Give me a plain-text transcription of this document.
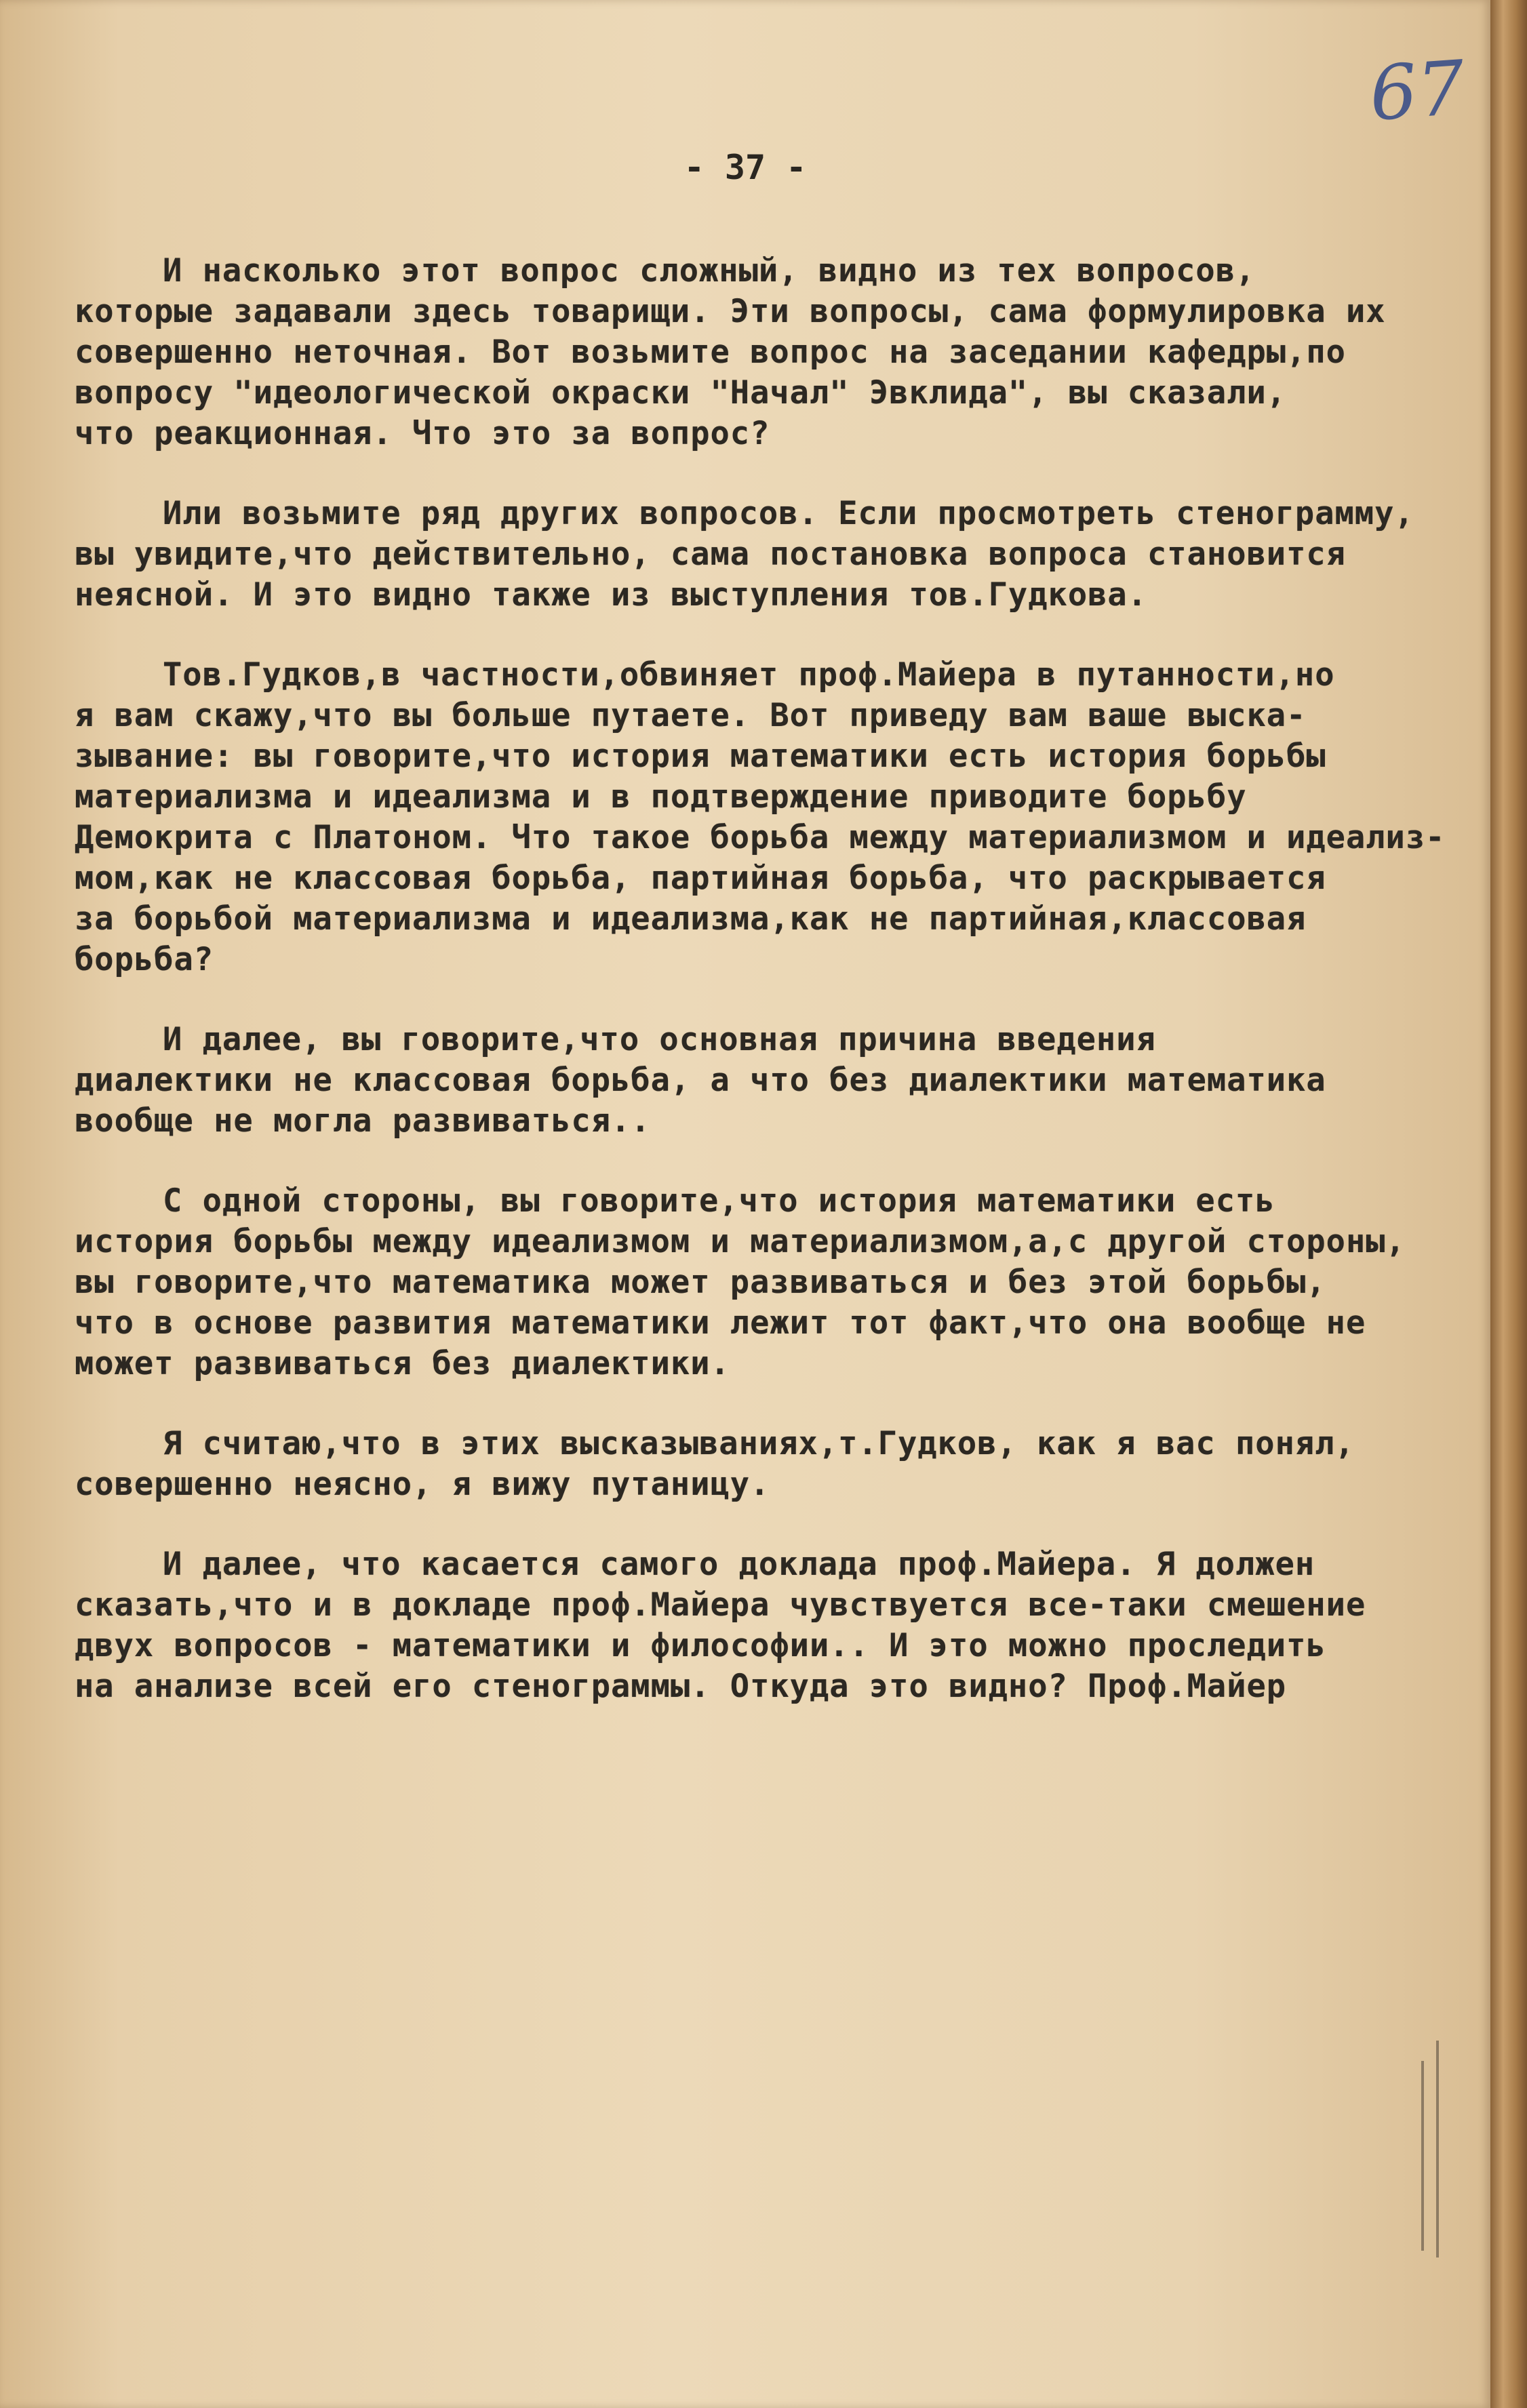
67
- 37 -
И насколько этот вопрос сложный, видно из тех вопросов,
которые задавали здесь товарищи. Эти вопросы, сама формулировка их
совершенно неточная. Вот возьмите вопрос на заседании кафедры,по
вопросу "идеологической окраски "Начал" Эвклида", вы сказали,
что реакционная. Что это за вопрос?
Или возьмите ряд других вопросов. Если просмотреть стенограмму,
вы увидите,что действительно, сама постановка вопроса становится
неясной. И это видно также из выступления тов.Гудкова.
Тов.Гудков,в частности,обвиняет проф.Майера в путанности,но
я вам скажу,что вы больше путаете. Вот приведу вам ваше выска-
зывание: вы говорите,что история математики есть история борьбы
материализма и идеализма и в подтверждение приводите борьбу
Демокрита с Платоном. Что такое борьба между материализмом и идеализ-
мом,как не классовая борьба, партийная борьба, что раскрывается
за борьбой материализма и идеализма,как не партийная,классовая
борьба?
И далее, вы говорите,что основная причина введения
диалектики не классовая борьба, а что без диалектики математика
вообще не могла развиваться..
С одной стороны, вы говорите,что история математики есть
история борьбы между идеализмом и материализмом,а,с другой стороны,
вы говорите,что математика может развиваться и без этой борьбы,
что в основе развития математики лежит тот факт,что она вообще не
может развиваться без диалектики.
Я считаю,что в этих высказываниях,т.Гудков, как я вас понял,
совершенно неясно, я вижу путаницу.
И далее, что касается самого доклада проф.Майера. Я должен
сказать,что и в докладе проф.Майера чувствуется все-таки смешение
двух вопросов - математики и философии.. И это можно проследить
на анализе всей его стенограммы. Откуда это видно? Проф.Майер
